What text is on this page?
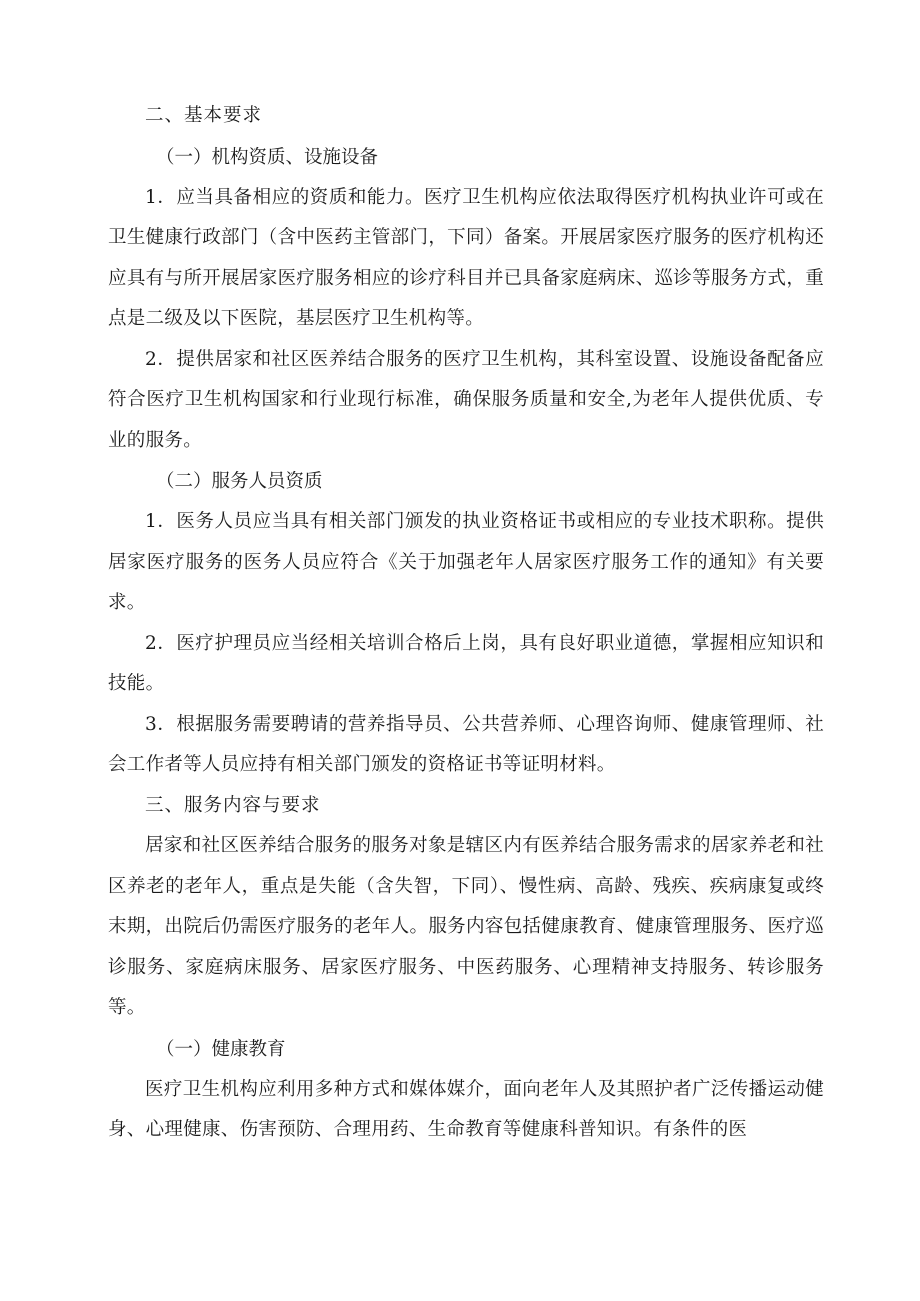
二、基本要求

（一）机构资质、设施设备

1．应当具备相应的资质和能力。医疗卫生机构应依法取得医疗机构执业许可或在卫生健康行政部门（含中医药主管部门，下同）备案。开展居家医疗服务的医疗机构还应具有与所开展居家医疗服务相应的诊疗科目并已具备家庭病床、巡诊等服务方式，重点是二级及以下医院，基层医疗卫生机构等。

2．提供居家和社区医养结合服务的医疗卫生机构，其科室设置、设施设备配备应符合医疗卫生机构国家和行业现行标准，确保服务质量和安全,为老年人提供优质、专业的服务。

（二）服务人员资质

1．医务人员应当具有相关部门颁发的执业资格证书或相应的专业技术职称。提供居家医疗服务的医务人员应符合《关于加强老年人居家医疗服务工作的通知》有关要求。

2．医疗护理员应当经相关培训合格后上岗，具有良好职业道德，掌握相应知识和技能。

3．根据服务需要聘请的营养指导员、公共营养师、心理咨询师、健康管理师、社会工作者等人员应持有相关部门颁发的资格证书等证明材料。

三、服务内容与要求

居家和社区医养结合服务的服务对象是辖区内有医养结合服务需求的居家养老和社区养老的老年人，重点是失能（含失智，下同）、慢性病、高龄、残疾、疾病康复或终末期，出院后仍需医疗服务的老年人。服务内容包括健康教育、健康管理服务、医疗巡诊服务、家庭病床服务、居家医疗服务、中医药服务、心理精神支持服务、转诊服务等。

（一）健康教育

医疗卫生机构应利用多种方式和媒体媒介，面向老年人及其照护者广泛传播运动健身、心理健康、伤害预防、合理用药、生命教育等健康科普知识。有条件的医
